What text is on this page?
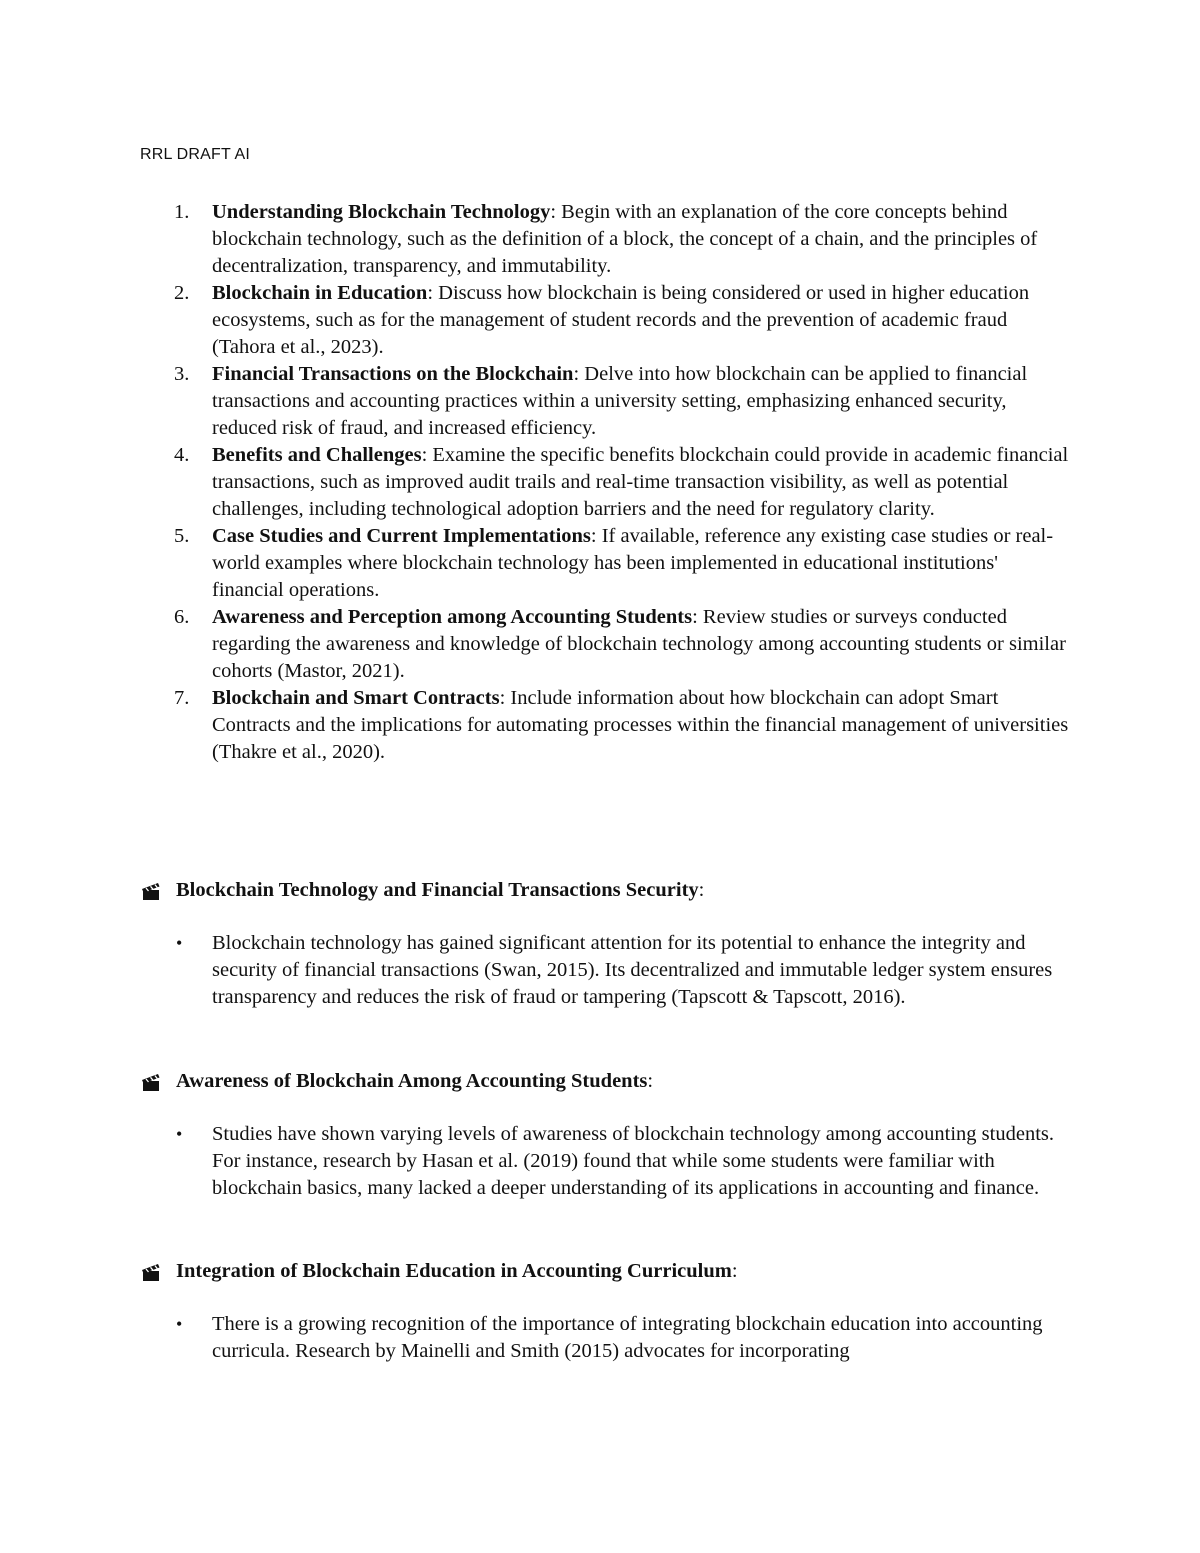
RRL DRAFT AI
1. Understanding Blockchain Technology: Begin with an explanation of the core concepts behind blockchain technology, such as the definition of a block, the concept of a chain, and the principles of decentralization, transparency, and immutability.
2. Blockchain in Education: Discuss how blockchain is being considered or used in higher education ecosystems, such as for the management of student records and the prevention of academic fraud (Tahora et al., 2023).
3. Financial Transactions on the Blockchain: Delve into how blockchain can be applied to financial transactions and accounting practices within a university setting, emphasizing enhanced security, reduced risk of fraud, and increased efficiency.
4. Benefits and Challenges: Examine the specific benefits blockchain could provide in academic financial transactions, such as improved audit trails and real-time transaction visibility, as well as potential challenges, including technological adoption barriers and the need for regulatory clarity.
5. Case Studies and Current Implementations: If available, reference any existing case studies or real-world examples where blockchain technology has been implemented in educational institutions' financial operations.
6. Awareness and Perception among Accounting Students: Review studies or surveys conducted regarding the awareness and knowledge of blockchain technology among accounting students or similar cohorts (Mastor, 2021).
7. Blockchain and Smart Contracts: Include information about how blockchain can adopt Smart Contracts and the implications for automating processes within the financial management of universities (Thakre et al., 2020).
Blockchain Technology and Financial Transactions Security:
• Blockchain technology has gained significant attention for its potential to enhance the integrity and security of financial transactions (Swan, 2015). Its decentralized and immutable ledger system ensures transparency and reduces the risk of fraud or tampering (Tapscott & Tapscott, 2016).
Awareness of Blockchain Among Accounting Students:
• Studies have shown varying levels of awareness of blockchain technology among accounting students. For instance, research by Hasan et al. (2019) found that while some students were familiar with blockchain basics, many lacked a deeper understanding of its applications in accounting and finance.
Integration of Blockchain Education in Accounting Curriculum:
• There is a growing recognition of the importance of integrating blockchain education into accounting curricula. Research by Mainelli and Smith (2015) advocates for incorporating
